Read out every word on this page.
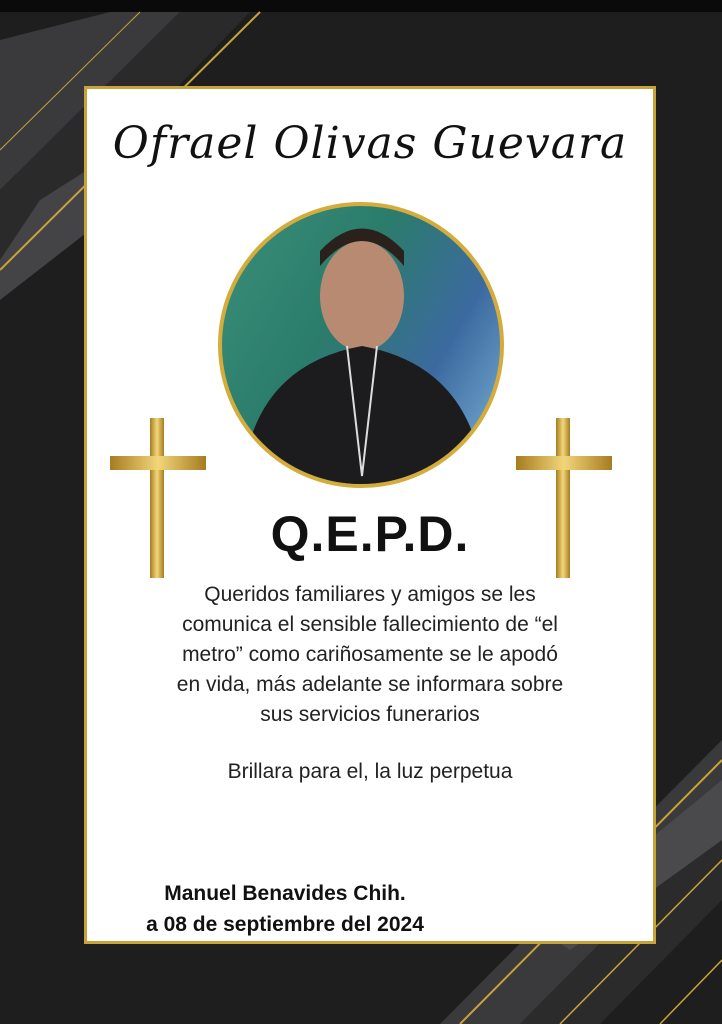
Ofrael Olivas Guevara
Q.E.P.D.
Queridos familiares y amigos se les
comunica el sensible fallecimiento de “el
metro” como cariñosamente se le apodó
en vida, más adelante se informara sobre
sus servicios funerarios
Brillara para el, la luz perpetua
Manuel Benavides Chih.
a 08 de septiembre del 2024
